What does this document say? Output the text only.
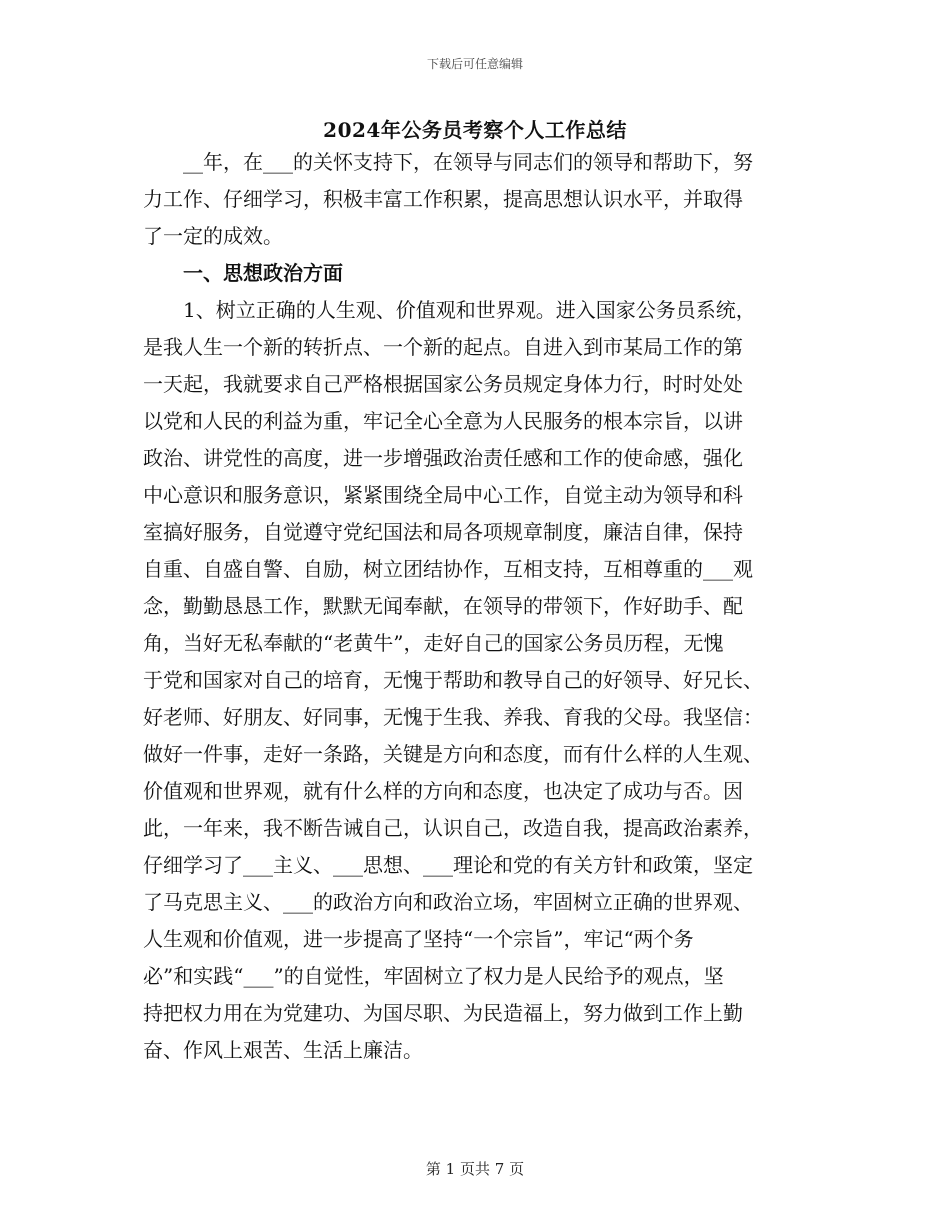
下载后可任意编辑
2024年公务员考察个人工作总结
　　__年，在___的关怀支持下，在领导与同志们的领导和帮助下，努
力工作、仔细学习，积极丰富工作积累，提高思想认识水平，并取得
了一定的成效。
　　一、思想政治方面
　　1、树立正确的人生观、价值观和世界观。进入国家公务员系统，
是我人生一个新的转折点、一个新的起点。自进入到市某局工作的第
一天起，我就要求自己严格根据国家公务员规定身体力行，时时处处
以党和人民的利益为重，牢记全心全意为人民服务的根本宗旨，以讲
政治、讲党性的高度，进一步增强政治责任感和工作的使命感，强化
中心意识和服务意识，紧紧围绕全局中心工作，自觉主动为领导和科
室搞好服务，自觉遵守党纪国法和局各项规章制度，廉洁自律，保持
自重、自盛自警、自励，树立团结协作，互相支持，互相尊重的___观
念，勤勤恳恳工作，默默无闻奉献，在领导的带领下，作好助手、配
角，当好无私奉献的“老黄牛”，走好自己的国家公务员历程，无愧
于党和国家对自己的培育，无愧于帮助和教导自己的好领导、好兄长、
好老师、好朋友、好同事，无愧于生我、养我、育我的父母。我坚信：
做好一件事，走好一条路，关键是方向和态度，而有什么样的人生观、
价值观和世界观，就有什么样的方向和态度，也决定了成功与否。因
此，一年来，我不断告诫自己，认识自己，改造自我，提高政治素养，
仔细学习了___主义、___思想、___理论和党的有关方针和政策，坚定
了马克思主义、___的政治方向和政治立场，牢固树立正确的世界观、
人生观和价值观，进一步提高了坚持“一个宗旨”，牢记“两个务
必”和实践“___”的自觉性，牢固树立了权力是人民给予的观点，坚
持把权力用在为党建功、为国尽职、为民造福上，努力做到工作上勤
奋、作风上艰苦、生活上廉洁。
第 1 页共 7 页
